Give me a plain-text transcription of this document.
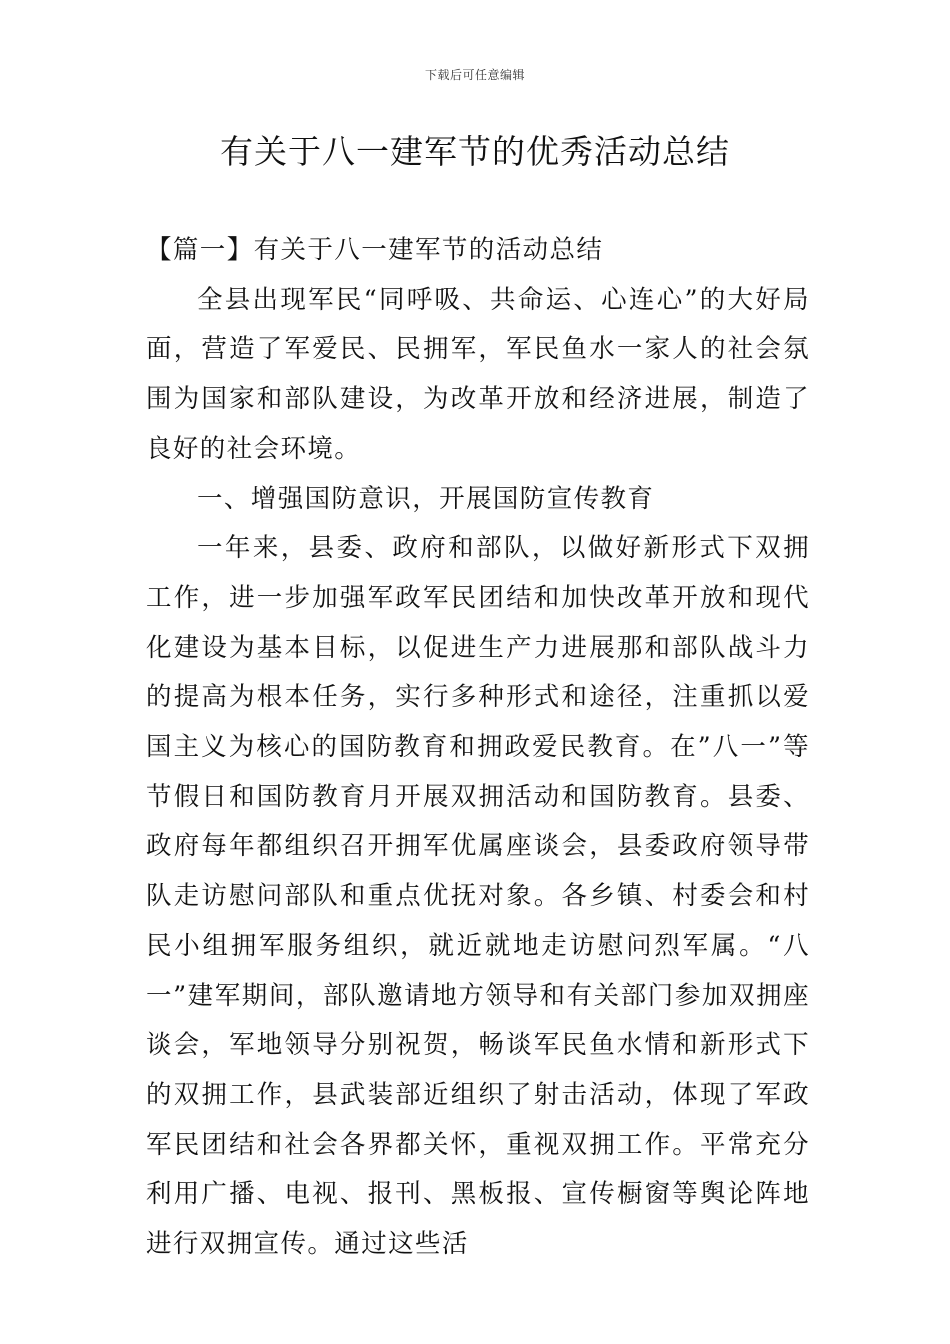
下载后可任意编辑
有关于八一建军节的优秀活动总结

【篇一】有关于八一建军节的活动总结

全县出现军民“同呼吸、共命运、心连心”的大好局面，营造了军爱民、民拥军，军民鱼水一家人的社会氛围为国家和部队建设，为改革开放和经济进展，制造了良好的社会环境。

一、增强国防意识，开展国防宣传教育

一年来，县委、政府和部队，以做好新形式下双拥工作，进一步加强军政军民团结和加快改革开放和现代化建设为基本目标，以促进生产力进展那和部队战斗力的提高为根本任务，实行多种形式和途径，注重抓以爱国主义为核心的国防教育和拥政爱民教育。在”八一”等节假日和国防教育月开展双拥活动和国防教育。县委、政府每年都组织召开拥军优属座谈会，县委政府领导带队走访慰问部队和重点优抚对象。各乡镇、村委会和村民小组拥军服务组织，就近就地走访慰问烈军属。“八一”建军期间，部队邀请地方领导和有关部门参加双拥座谈会，军地领导分别祝贺，畅谈军民鱼水情和新形式下的双拥工作，县武装部近组织了射击活动，体现了军政军民团结和社会各界都关怀，重视双拥工作。平常充分利用广播、电视、报刊、黑板报、宣传橱窗等舆论阵地进行双拥宣传。通过这些活
